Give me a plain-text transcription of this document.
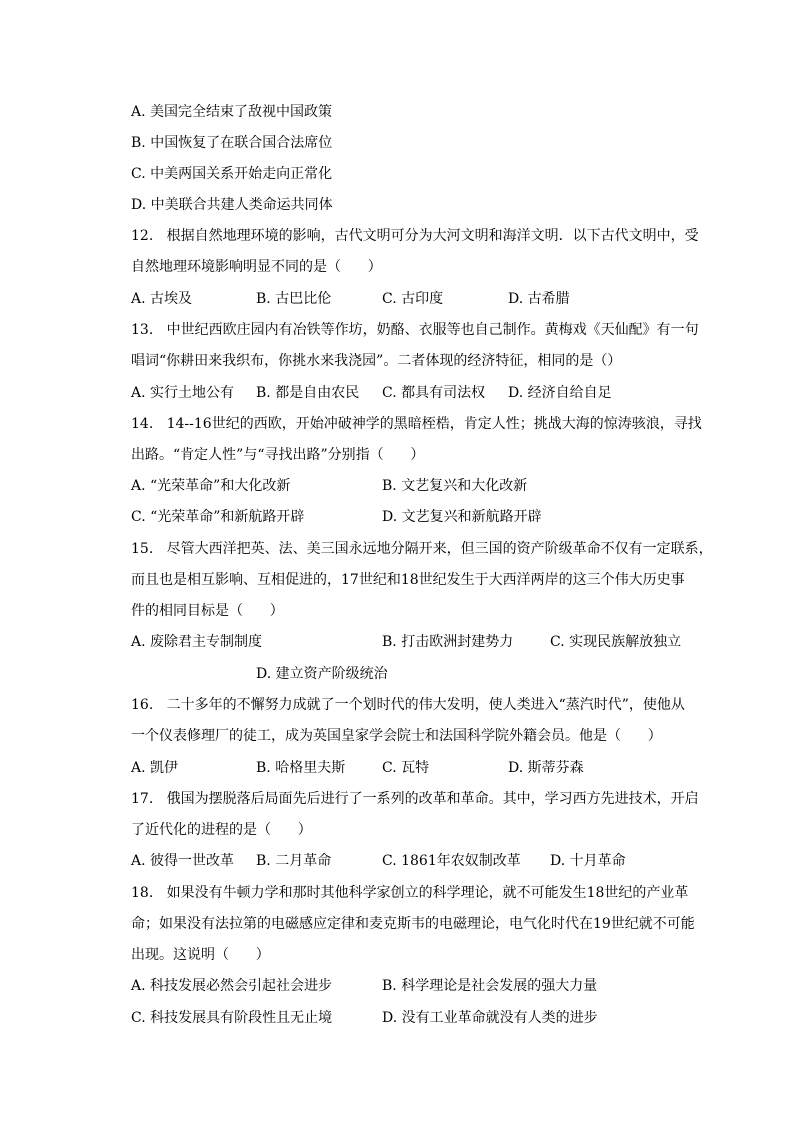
A. 美国完全结束了敌视中国政策
B. 中国恢复了在联合国合法席位
C. 中美两国关系开始走向正常化
D. 中美联合共建人类命运共同体
12.   根据自然地理环境的影响，古代文明可分为大河文明和海洋文明．以下古代文明中，受
自然地理环境影响明显不同的是（      ）
A. 古埃及	B. 古巴比伦	C. 古印度	D. 古希腊
13.   中世纪西欧庄园内有冶铁等作坊，奶酪、衣服等也自己制作。黄梅戏《天仙配》有一句
唱词“你耕田来我织布，你挑水来我浇园”。二者体现的经济特征，相同的是（）
A. 实行土地公有 B. 都是自由农民 C. 都具有司法权 D. 经济自给自足
14.   14--16世纪的西欧，开始冲破神学的黑暗桎梏，肯定人性；挑战大海的惊涛骇浪，寻找
出路。“肯定人性”与“寻找出路”分别指（      ）
A. “光荣革命”和大化改新	B. 文艺复兴和大化改新
C. “光荣革命”和新航路开辟	D. 文艺复兴和新航路开辟
15.   尽管大西洋把英、法、美三国永远地分隔开来，但三国的资产阶级革命不仅有一定联系，
而且也是相互影响、互相促进的，17世纪和18世纪发生于大西洋两岸的这三个伟大历史事
件的相同目标是（      ）
A. 废除君主专制制度	B. 打击欧洲封建势力	C. 实现民族解放独立
D. 建立资产阶级统治
16.   二十多年的不懈努力成就了一个划时代的伟大发明，使人类进入“蒸汽时代”，使他从
一个仪表修理厂的徒工，成为英国皇家学会院士和法国科学院外籍会员。他是（      ）
A. 凯伊	B. 哈格里夫斯	C. 瓦特	D. 斯蒂芬森
17.   俄国为摆脱落后局面先后进行了一系列的改革和革命。其中，学习西方先进技术，开启
了近代化的进程的是（      ）
A. 彼得一世改革 B. 二月革命	C. 1861年农奴制改革 D. 十月革命
18.   如果没有牛顿力学和那时其他科学家创立的科学理论，就不可能发生18世纪的产业革
命；如果没有法拉第的电磁感应定律和麦克斯韦的电磁理论，电气化时代在19世纪就不可能
出现。这说明（      ）
A. 科技发展必然会引起社会进步	B. 科学理论是社会发展的强大力量
C. 科技发展具有阶段性且无止境	D. 没有工业革命就没有人类的进步
